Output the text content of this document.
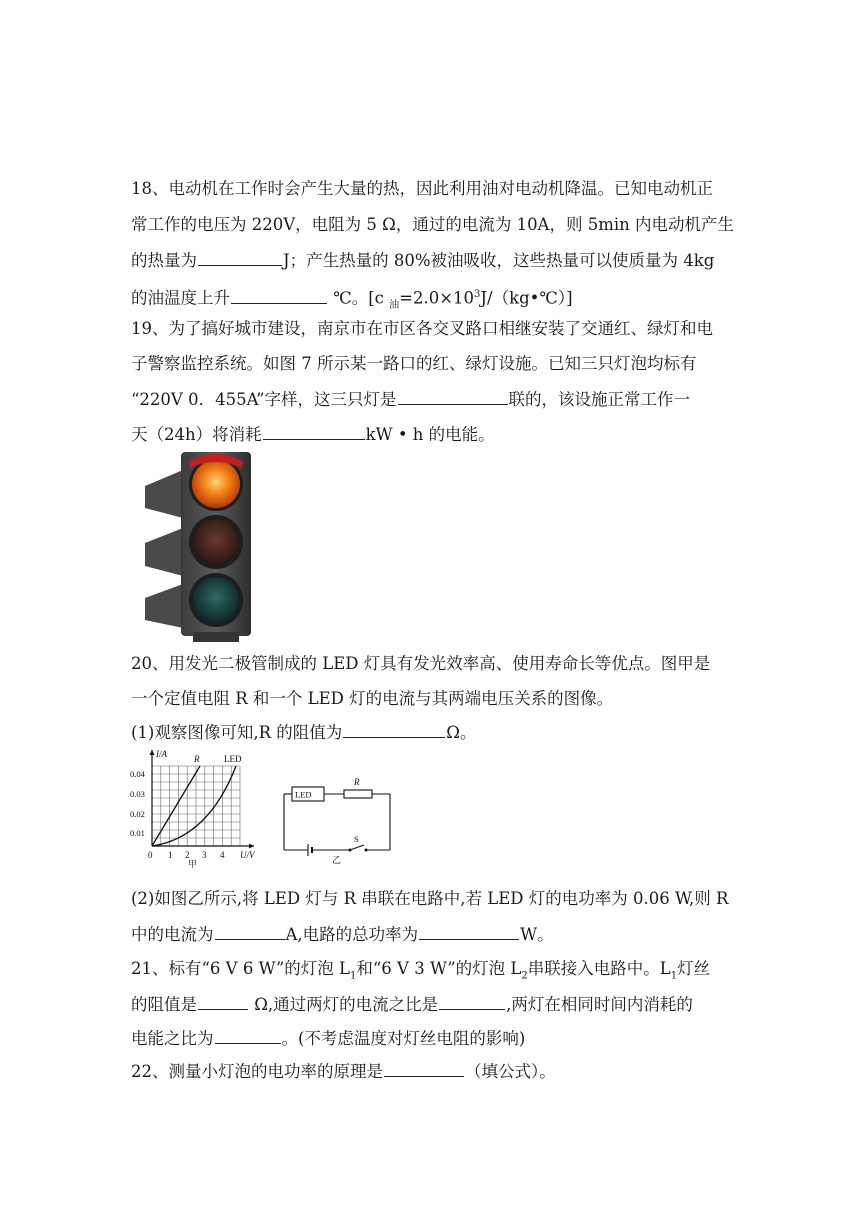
18、电动机在工作时会产生大量的热，因此利用油对电动机降温。已知电动机正
常工作的电压为 220V，电阻为 5 Ω，通过的电流为 10A，则 5min 内电动机产生
的热量为	J；产生热量的 80%被油吸收，这些热量可以使质量为 4kg
的油温度上升	℃。[c $_油=2.0\times 10^3J/(kg•℃)$]
19、为了搞好城市建设，南京市在市区各交叉路口相继安装了交通红、绿灯和电
子警察监控系统。如图 7 所示某一路口的红、绿灯设施。已知三只灯泡均标有
“220V 0．455A”字样，这三只灯是	联的，该设施正常工作一
天（24h）将消耗	kW • h 的电能。
20、用发光二极管制成的 LED 灯具有发光效率高、使用寿命长等优点。图甲是
一个定值电阻 R 和一个 LED 灯的电流与其两端电压关系的图像。
(1)观察图像可知,R 的阻值为	Ω。
I/A	R	LED
0.04
0.03
0.02
0.01
0 1 2 3 4 U/V
甲
LED
R
S
乙
(2)如图乙所示,将 LED 灯与 R 串联在电路中,若 LED 灯的电功率为 0.06 W,则 R
中的电流为	A,电路的总功率为	W。
21、标有“6 V 6 W”的灯泡 $L_1$和“6 V 3 W”的灯泡 $L_2$串联接入电路中。$L_1$灯丝
的阻值是	Ω,通过两灯的电流之比是	,两灯在相同时间内消耗的
电能之比为	。(不考虑温度对灯丝电阻的影响)
22、测量小灯泡的电功率的原理是	（填公式）。
